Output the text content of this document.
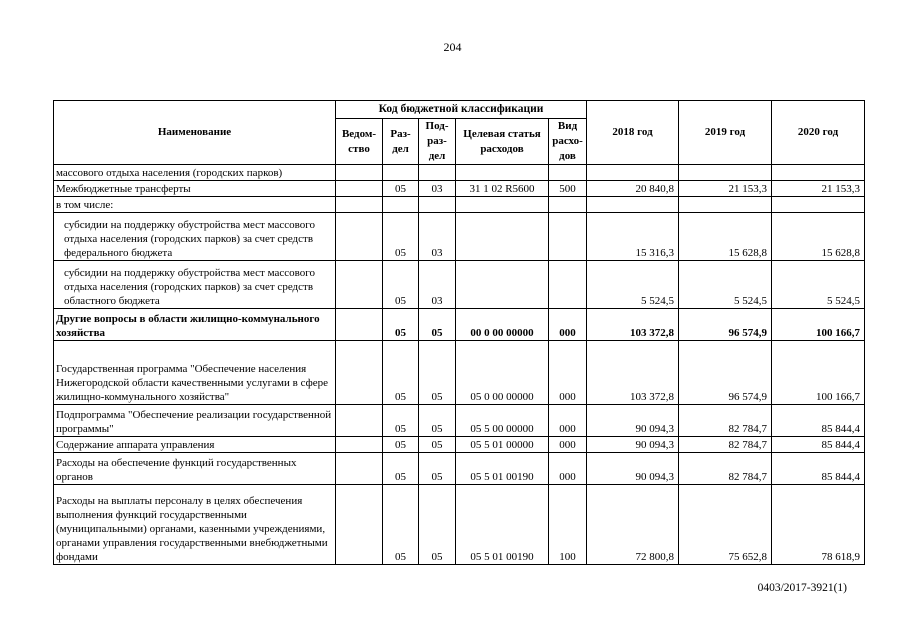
204
Наименование	Код бюджетной классификации					2018 год	2019 год	2020 год
	Ведом-ство	Раз-дел	Под-раз-дел	Целевая статья расходов	Вид расхо-дов			
массового отдыха населения (городских парков)								
Межбюджетные трансферты		05	03	31 1 02 R5600	500	20 840,8	21 153,3	21 153,3
в том числе:								
субсидии на поддержку обустройства мест массового отдыха населения (городских парков) за счет средств федерального бюджета		05	03			15 316,3	15 628,8	15 628,8
субсидии на поддержку обустройства мест массового отдыха населения (городских парков) за счет средств областного бюджета		05	03			5 524,5	5 524,5	5 524,5
Другие вопросы в области жилищно-коммунального хозяйства		05	05	00 0 00 00000	000	103 372,8	96 574,9	100 166,7
Государственная программа "Обеспечение населения Нижегородской области качественными услугами в сфере жилищно-коммунального хозяйства"		05	05	05 0 00 00000	000	103 372,8	96 574,9	100 166,7
Подпрограмма "Обеспечение реализации государственной программы"		05	05	05 5 00 00000	000	90 094,3	82 784,7	85 844,4
Содержание аппарата управления		05	05	05 5 01 00000	000	90 094,3	82 784,7	85 844,4
Расходы на обеспечение функций государственных органов		05	05	05 5 01 00190	000	90 094,3	82 784,7	85 844,4
Расходы на выплаты персоналу в целях обеспечения выполнения функций государственными (муниципальными) органами, казенными учреждениями, органами управления государственными внебюджетными фондами		05	05	05 5 01 00190	100	72 800,8	75 652,8	78 618,9
0403/2017-3921(1)
